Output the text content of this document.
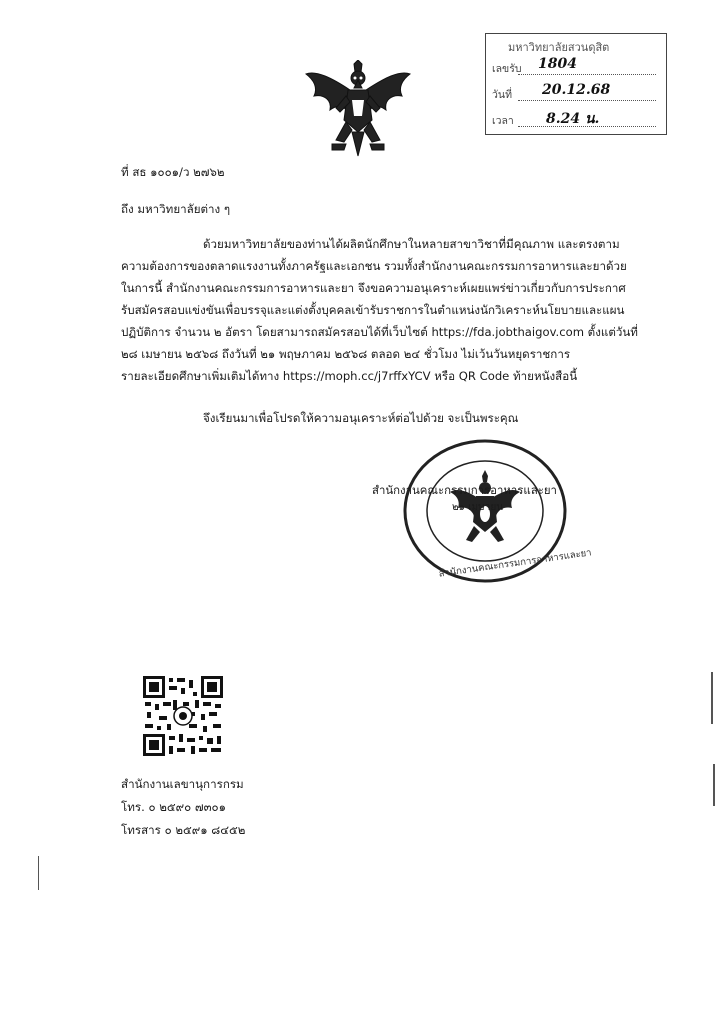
มหาวิทยาลัยสวนดุสิต
เลขรับ 1804
วันที่ 20.12.68
เวลา 8.24 น.
ที่ สธ ๑๐๐๑/ว ๒๗๖๒
ถึง มหาวิทยาลัยต่าง ๆ
ด้วยมหาวิทยาลัยของท่านได้ผลิตนักศึกษาในหลายสาขาวิชาที่มีคุณภาพ และตรงตาม
ความต้องการของตลาดแรงงานทั้งภาครัฐและเอกชน รวมทั้งสำนักงานคณะกรรมการอาหารและยาด้วย
ในการนี้ สำนักงานคณะกรรมการอาหารและยา จึงขอความอนุเคราะห์เผยแพร่ข่าวเกี่ยวกับการประกาศ
รับสมัครสอบแข่งขันเพื่อบรรจุและแต่งตั้งบุคคลเข้ารับราชการในตำแหน่งนักวิเคราะห์นโยบายและแผน
ปฏิบัติการ จำนวน ๒ อัตรา โดยสามารถสมัครสอบได้ที่เว็บไซต์ https://fda.jobthaigov.com ตั้งแต่วันที่
๒๘ เมษายน ๒๕๖๘ ถึงวันที่ ๒๑ พฤษภาคม ๒๕๖๘ ตลอด ๒๔ ชั่วโมง ไม่เว้นวันหยุดราชการ
รายละเอียดศึกษาเพิ่มเติมได้ทาง https://moph.cc/j7rffxYCV หรือ QR Code ท้ายหนังสือนี้
จึงเรียนมาเพื่อโปรดให้ความอนุเคราะห์ต่อไปด้วย จะเป็นพระคุณ
สำนักงานคณะกรรมการอาหารและยา
๒๑ เมษายน
สำนักงานคณะกรรมการอาหารและยา
สำนักงานเลขานุการกรม
โทร. ๐ ๒๕๙๐ ๗๓๐๑
โทรสาร ๐ ๒๕๙๑ ๘๔๕๒
